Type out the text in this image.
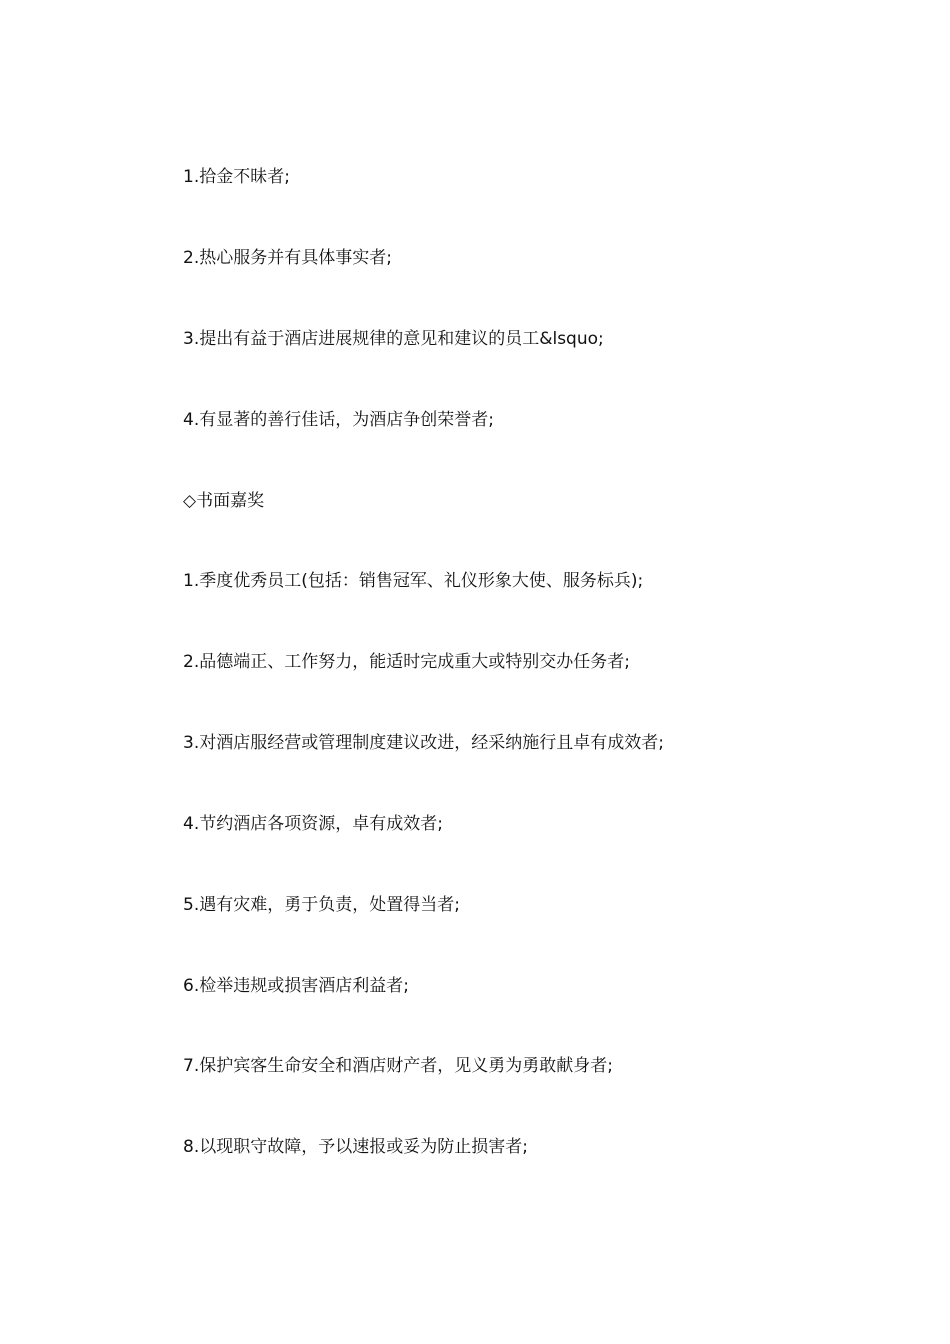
1.拾金不昧者;
2.热心服务并有具体事实者;
3.提出有益于酒店进展规律的意见和建议的员工&lsquo;
4.有显著的善行佳话，为酒店争创荣誉者;
◇书面嘉奖
1.季度优秀员工(包括：销售冠军、礼仪形象大使、服务标兵);
2.品德端正、工作努力，能适时完成重大或特别交办任务者;
3.对酒店服经营或管理制度建议改进，经采纳施行且卓有成效者;
4.节约酒店各项资源，卓有成效者;
5.遇有灾难，勇于负责，处置得当者;
6.检举违规或损害酒店利益者;
7.保护宾客生命安全和酒店财产者，见义勇为勇敢献身者;
8.以现职守故障，予以速报或妥为防止损害者;
